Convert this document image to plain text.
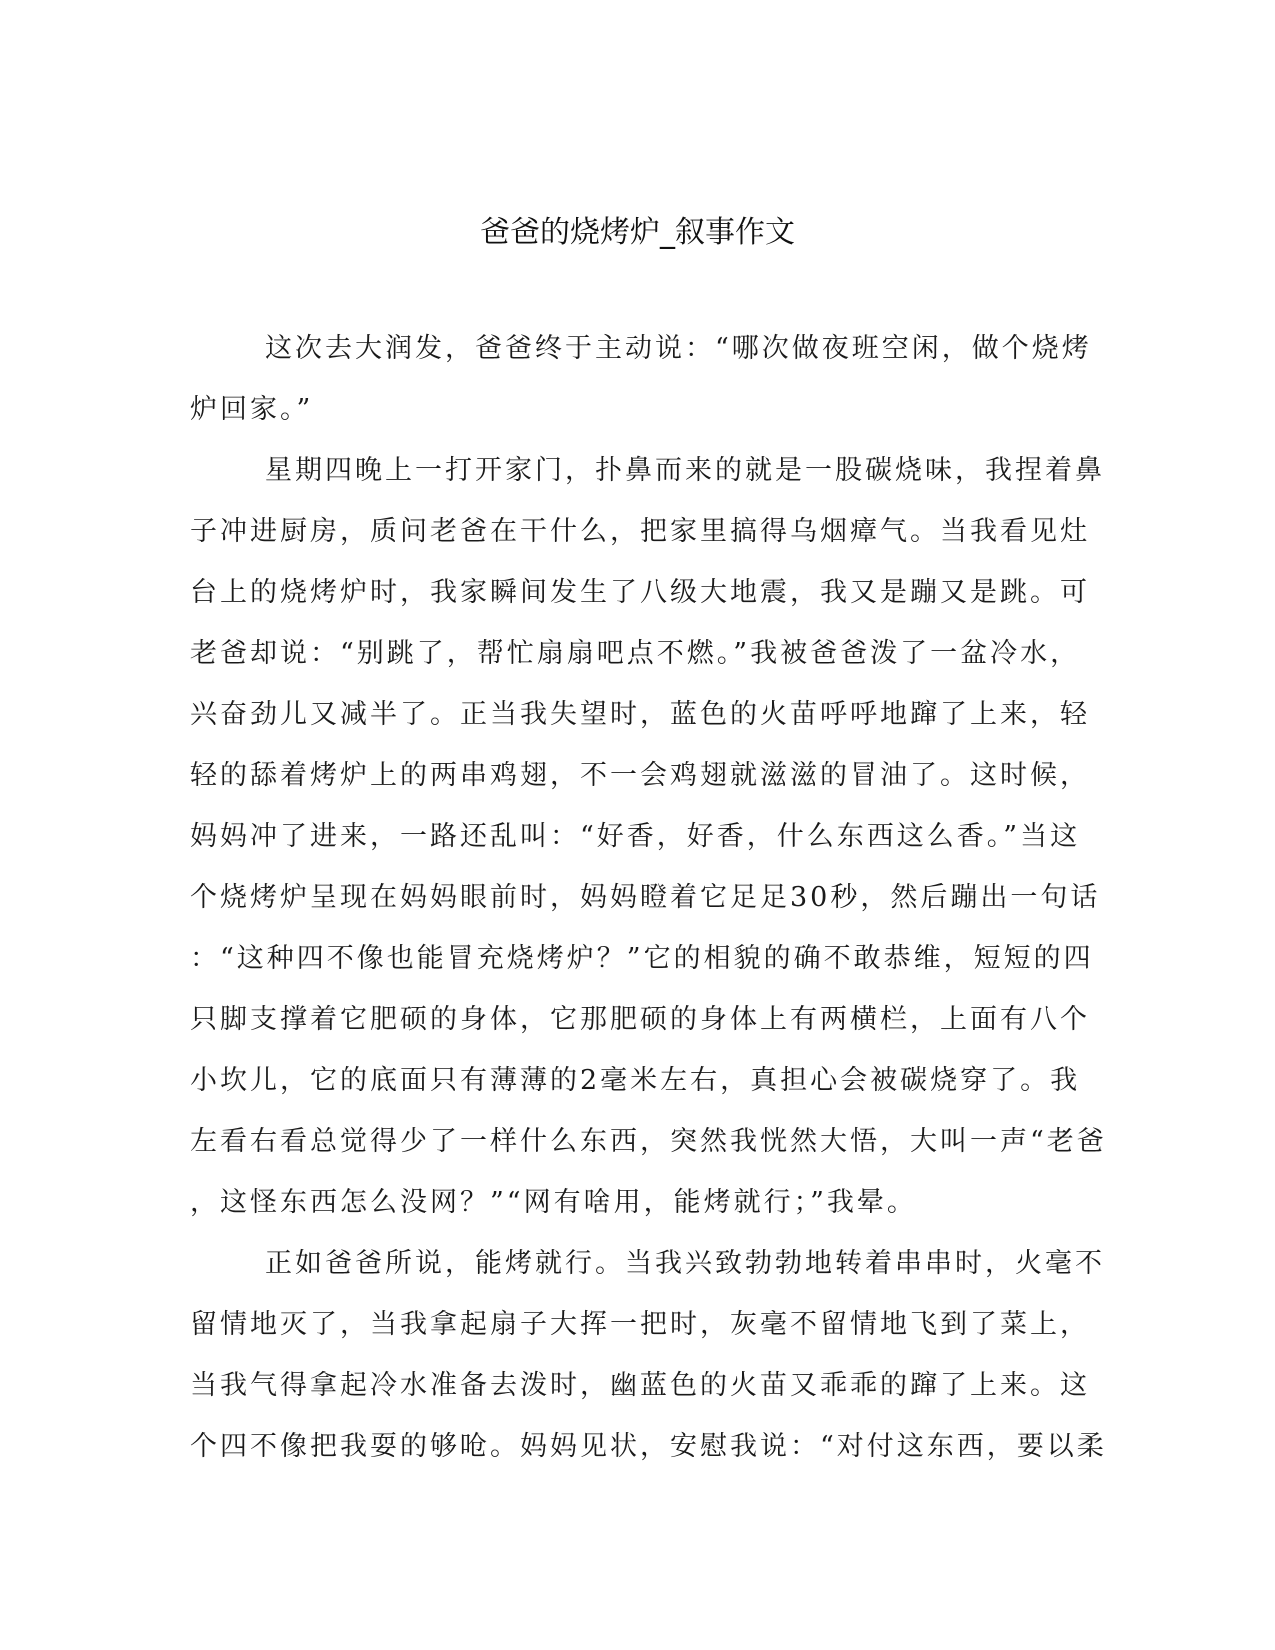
爸爸的烧烤炉_叙事作文
这次去大润发，爸爸终于主动说：“哪次做夜班空闲，做个烧烤
炉回家。”
星期四晚上一打开家门，扑鼻而来的就是一股碳烧味，我捏着鼻
子冲进厨房，质问老爸在干什么，把家里搞得乌烟瘴气。当我看见灶
台上的烧烤炉时，我家瞬间发生了八级大地震，我又是蹦又是跳。可
老爸却说：“别跳了，帮忙扇扇吧点不燃。”我被爸爸泼了一盆冷水，
兴奋劲儿又减半了。正当我失望时，蓝色的火苗呼呼地蹿了上来，轻
轻的舔着烤炉上的两串鸡翅，不一会鸡翅就滋滋的冒油了。这时候，
妈妈冲了进来，一路还乱叫：“好香，好香，什么东西这么香。”当这
个烧烤炉呈现在妈妈眼前时，妈妈瞪着它足足30秒，然后蹦出一句话
：“这种四不像也能冒充烧烤炉？”它的相貌的确不敢恭维，短短的四
只脚支撑着它肥硕的身体，它那肥硕的身体上有两横栏，上面有八个
小坎儿，它的底面只有薄薄的2毫米左右，真担心会被碳烧穿了。我
左看右看总觉得少了一样什么东西，突然我恍然大悟，大叫一声“老爸
，这怪东西怎么没网？”“网有啥用，能烤就行；”我晕。
正如爸爸所说，能烤就行。当我兴致勃勃地转着串串时，火毫不
留情地灭了，当我拿起扇子大挥一把时，灰毫不留情地飞到了菜上，
当我气得拿起冷水准备去泼时，幽蓝色的火苗又乖乖的蹿了上来。这
个四不像把我耍的够呛。妈妈见状，安慰我说：“对付这东西，要以柔
